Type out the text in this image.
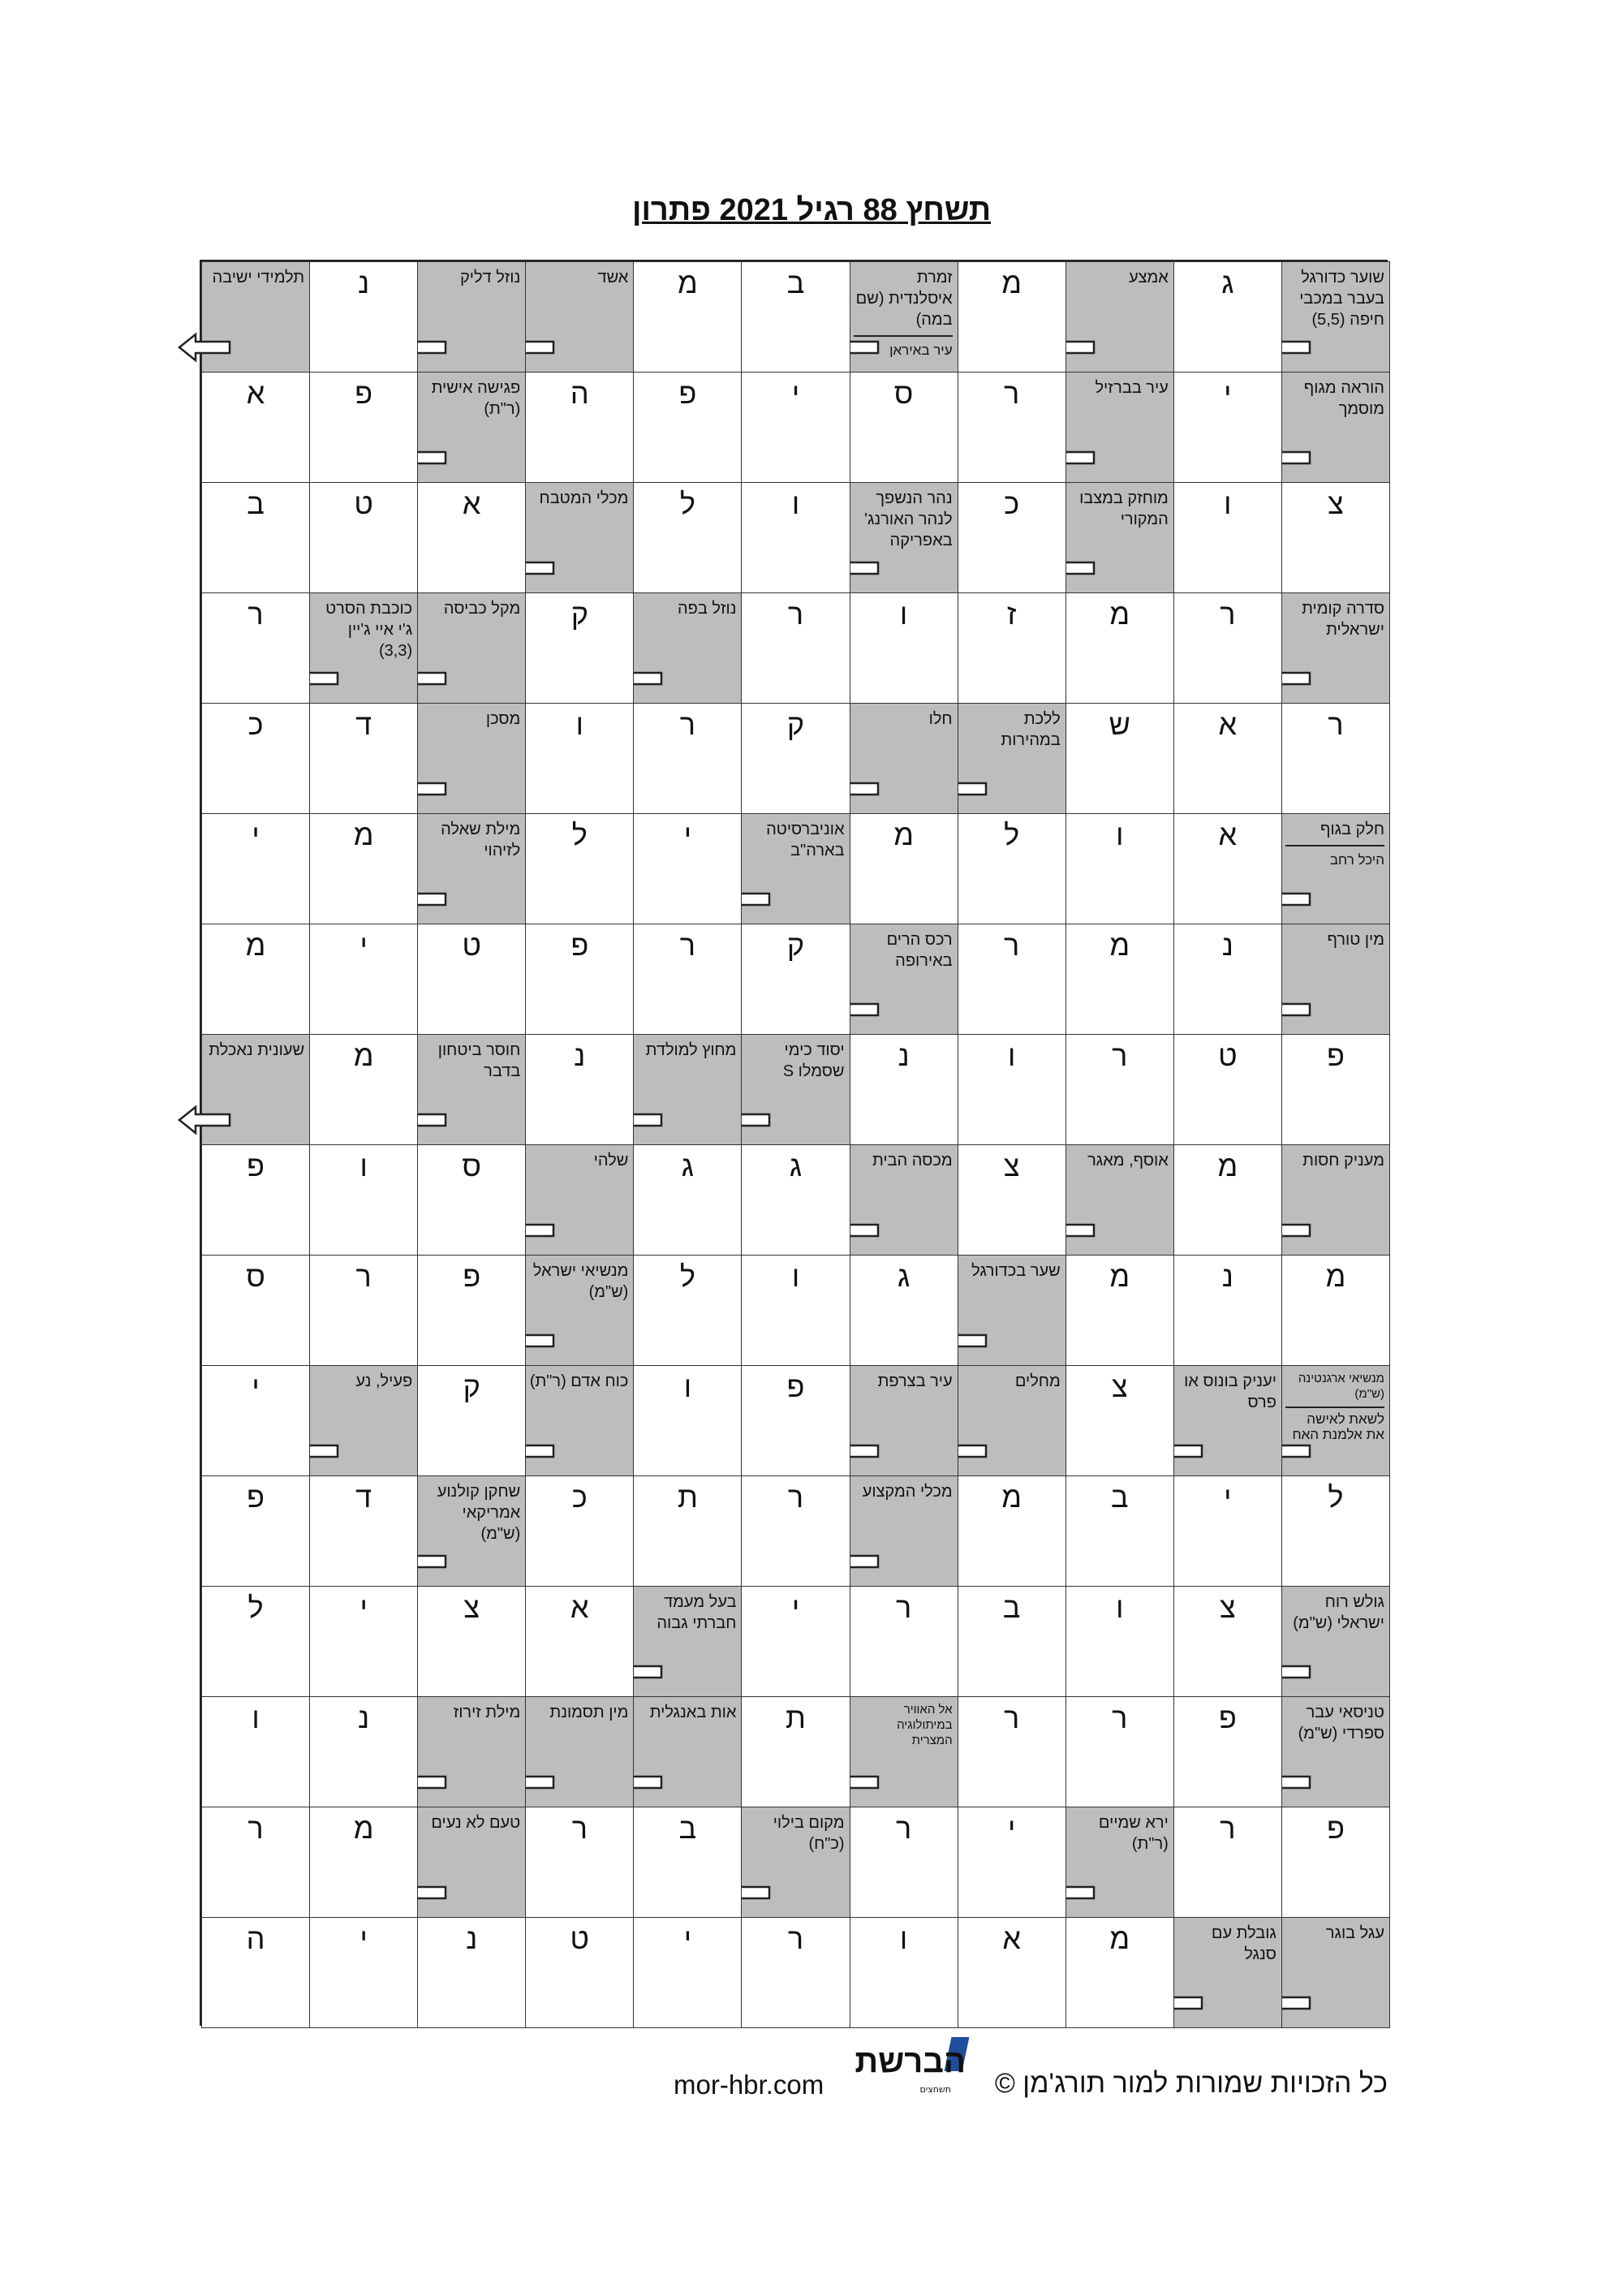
תשחץ 88 רגיל 2021 פתרון
שוער כדורגל בעבר במכבי חיפה (5,5)
ג
אמצע
מ
זמרת איסלנדית (שם במה)
עיר באיראן
ב
מ
אשד
נוזל דליק
נ
תלמידי ישיבה
הוראה מגוף מוסמך
י
עיר בברזיל
ר
ס
י
פ
ה
פגישה אישית (ר"ת)
פ
א
צ
ו
מוחזק במצבו המקורי
כ
נהר הנשפך לנהר האורנג' באפריקה
ו
ל
מכלי המטבח
א
ט
ב
סדרה קומית ישראלית
ר
מ
ז
ו
ר
נוזל בפה
ק
מקל כביסה
כוכבת הסרט ג'י איי ג'יין (3,3)
ר
ר
א
ש
ללכת במהירות
חלו
ק
ר
ו
מסכן
ד
כ
חלק בגוף
היכל רחב
א
ו
ל
מ
אוניברסיטה בארה"ב
י
ל
מילת שאלה לזיהוי
מ
י
מין טורף
נ
מ
ר
רכס הרים באירופה
ק
ר
פ
ט
י
מ
פ
ט
ר
ו
נ
יסוד כימי שסמלו S
מחוץ למולדת
נ
חוסר ביטחון בדבר
מ
שעונית נאכלת
מעניק חסות
מ
אוסף, מאגר
צ
מכסה הבית
ג
ג
שלהי
ס
ו
פ
מ
נ
מ
שער בכדורגל
ג
ו
ל
מנשיאי ישראל (ש"מ)
פ
ר
ס
מנשיאי ארגנטינה (ש"מ)
לשאת לאישה את אלמנת האח
יעניק בונוס או פרס
צ
מחלים
עיר בצרפת
פ
ו
כוח אדם (ר"ת)
ק
פעיל, נע
י
ל
י
ב
מ
מכלי המקצוע
ר
ת
כ
שחקן קולנוע אמריקאי (ש"מ)
ד
פ
גולש רוח ישראלי (ש"מ)
צ
ו
ב
ר
י
בעל מעמד חברתי גבוה
א
צ
י
ל
טניסאי עבר ספרדי (ש"מ)
פ
ר
ר
אל האוויר במיתולוגיה המצרית
ת
אות באנגלית
מין תסמונת
מילת זירוז
נ
ו
פ
ר
ירא שמיים (ר"ת)
י
ר
מקום בילוי (כ"ח)
ב
ר
טעם לא נעים
מ
ר
עגל בוגר
גובלת עם סנגל
מ
א
ו
ר
י
ט
נ
י
ה
הברשת
תשחצים
mor-hbr.com	כל הזכויות שמורות למור תורג'מן ©
